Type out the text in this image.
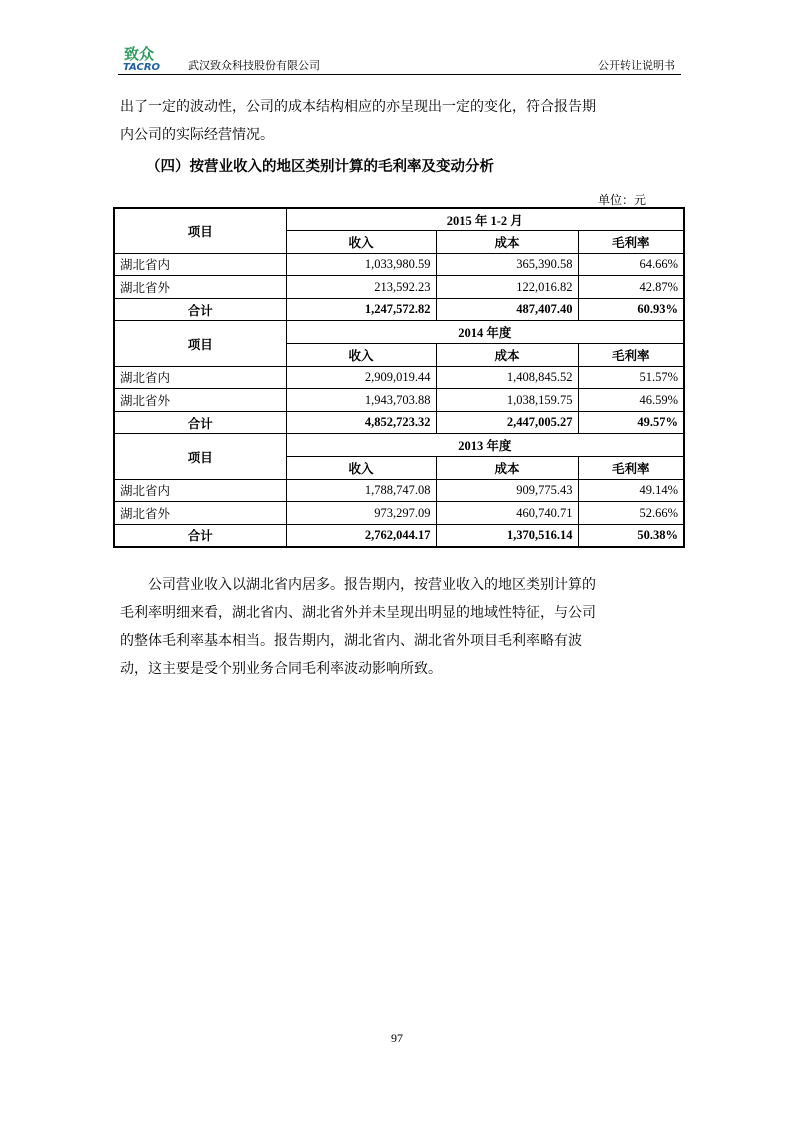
致众
TACRO	武汉致众科技股份有限公司	公开转让说明书
出了一定的波动性，公司的成本结构相应的亦呈现出一定的变化，符合报告期
内公司的实际经营情况。
（四）按营业收入的地区类别计算的毛利率及变动分析
单位：元
项目	2015 年 1-2 月		
	收入	成本	毛利率
湖北省内	1,033,980.59	365,390.58	64.66%
湖北省外	213,592.23	122,016.82	42.87%
合计	1,247,572.82	487,407.40	60.93%
项目	2014 年度		
	收入	成本	毛利率
湖北省内	2,909,019.44	1,408,845.52	51.57%
湖北省外	1,943,703.88	1,038,159.75	46.59%
合计	4,852,723.32	2,447,005.27	49.57%
项目	2013 年度		
	收入	成本	毛利率
湖北省内	1,788,747.08	909,775.43	49.14%
湖北省外	973,297.09	460,740.71	52.66%
合计	2,762,044.17	1,370,516.14	50.38%
　　公司营业收入以湖北省内居多。报告期内，按营业收入的地区类别计算的
毛利率明细来看，湖北省内、湖北省外并未呈现出明显的地域性特征，与公司
的整体毛利率基本相当。报告期内，湖北省内、湖北省外项目毛利率略有波
动，这主要是受个别业务合同毛利率波动影响所致。
97
